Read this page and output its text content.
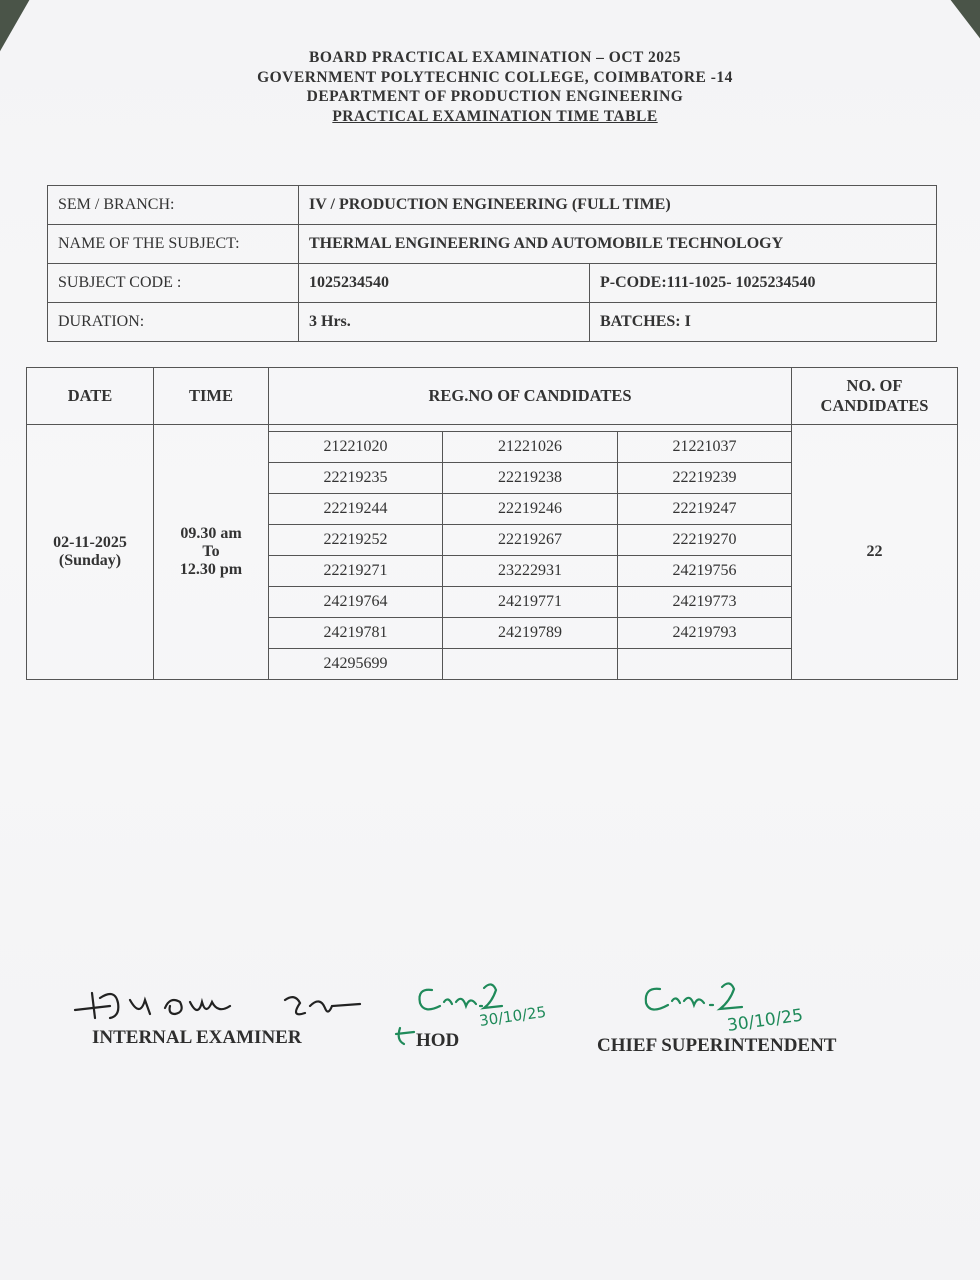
BOARD PRACTICAL EXAMINATION – OCT 2025
GOVERNMENT POLYTECHNIC COLLEGE, COIMBATORE -14
DEPARTMENT OF PRODUCTION ENGINEERING
PRACTICAL EXAMINATION TIME TABLE
SEM / BRANCH:	IV / PRODUCTION ENGINEERING (FULL TIME)	
NAME OF THE SUBJECT:	THERMAL ENGINEERING AND AUTOMOBILE TECHNOLOGY	
SUBJECT CODE :	1025234540	P-CODE:111-1025- 1025234540
DURATION:	3 Hrs.	BATCHES: I
DATE	TIME	REG.NO OF CANDIDATES	NO. OF CANDIDATES

02-11-2025
(Sunday)

09.30 am
To
12.30 pm

21221020	21221026	21221037
22219235	22219238	22219239
22219244	22219246	22219247
22219252	22219267	22219270
22219271	23222931	24219756
24219764	24219771	24219773
24219781	24219789	24219793
24295699		
	22
INTERNAL EXAMINER
30/10/25
HOD
30/10/25
CHIEF SUPERINTENDENT
